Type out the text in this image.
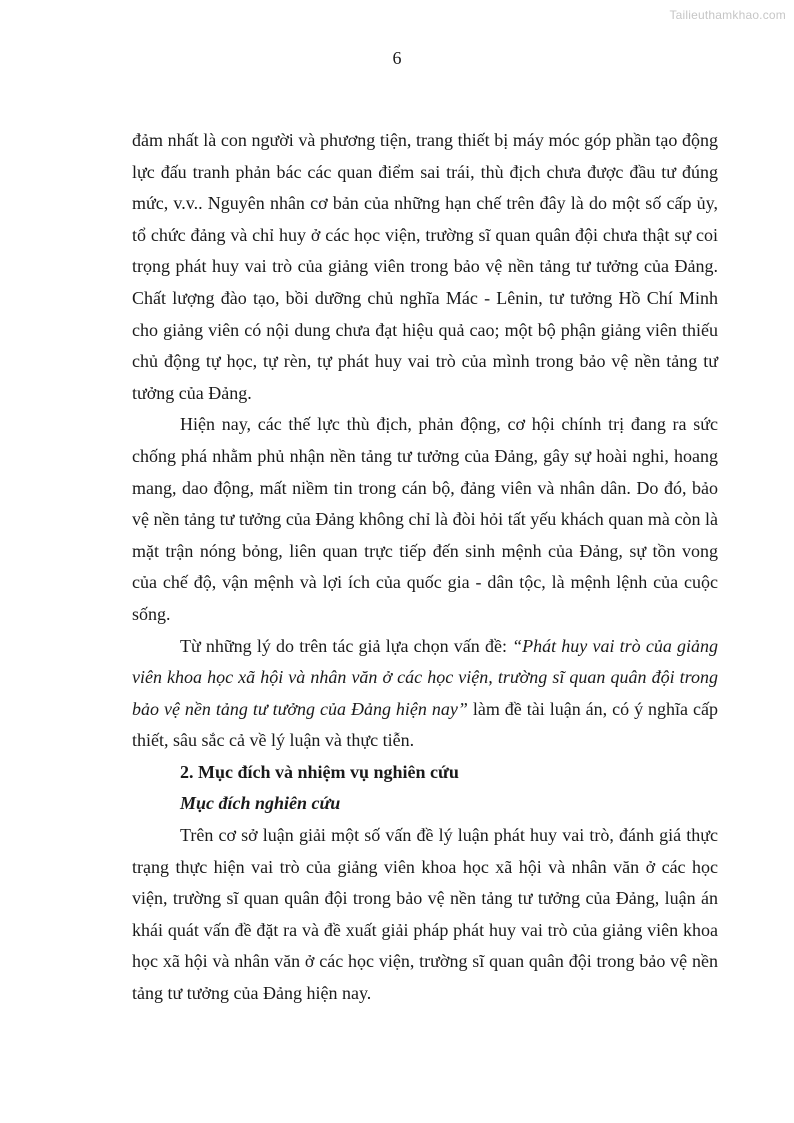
Tailieuthamkhao.com
6

đảm nhất là con người và phương tiện, trang thiết bị máy móc góp phần tạo động lực đấu tranh phản bác các quan điểm sai trái, thù địch chưa được đầu tư đúng mức, v.v.. Nguyên nhân cơ bản của những hạn chế trên đây là do một số cấp ủy, tổ chức đảng và chỉ huy ở các học viện, trường sĩ quan quân đội chưa thật sự coi trọng phát huy vai trò của giảng viên trong bảo vệ nền tảng tư tưởng của Đảng. Chất lượng đào tạo, bồi dưỡng chủ nghĩa Mác - Lênin, tư tưởng Hồ Chí Minh cho giảng viên có nội dung chưa đạt hiệu quả cao; một bộ phận giảng viên thiếu chủ động tự học, tự rèn, tự phát huy vai trò của mình trong bảo vệ nền tảng tư tưởng của Đảng.

Hiện nay, các thế lực thù địch, phản động, cơ hội chính trị đang ra sức chống phá nhằm phủ nhận nền tảng tư tưởng của Đảng, gây sự hoài nghi, hoang mang, dao động, mất niềm tin trong cán bộ, đảng viên và nhân dân. Do đó, bảo vệ nền tảng tư tưởng của Đảng không chỉ là đòi hỏi tất yếu khách quan mà còn là mặt trận nóng bỏng, liên quan trực tiếp đến sinh mệnh của Đảng, sự tồn vong của chế độ, vận mệnh và lợi ích của quốc gia - dân tộc, là mệnh lệnh của cuộc sống.

Từ những lý do trên tác giả lựa chọn vấn đề: “Phát huy vai trò của giảng viên khoa học xã hội và nhân văn ở các học viện, trường sĩ quan quân đội trong bảo vệ nền tảng tư tưởng của Đảng hiện nay” làm đề tài luận án, có ý nghĩa cấp thiết, sâu sắc cả về lý luận và thực tiễn.

2. Mục đích và nhiệm vụ nghiên cứu

Mục đích nghiên cứu

Trên cơ sở luận giải một số vấn đề lý luận phát huy vai trò, đánh giá thực trạng thực hiện vai trò của giảng viên khoa học xã hội và nhân văn ở các học viện, trường sĩ quan quân đội trong bảo vệ nền tảng tư tưởng của Đảng, luận án khái quát vấn đề đặt ra và đề xuất giải pháp phát huy vai trò của giảng viên khoa học xã hội và nhân văn ở các học viện, trường sĩ quan quân đội trong bảo vệ nền tảng tư tưởng của Đảng hiện nay.
